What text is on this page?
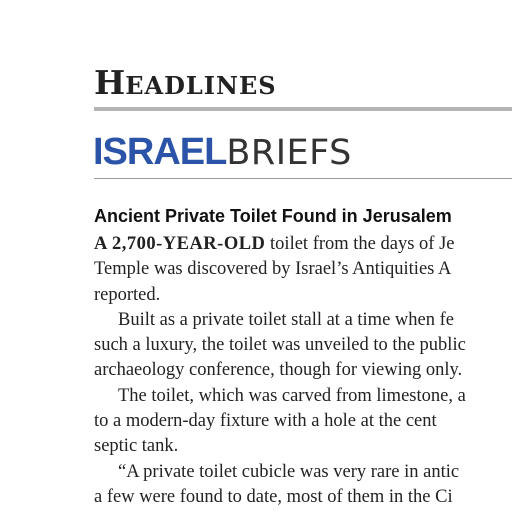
HEADLINES
ISRAELBRIEFS
Ancient Private Toilet Found in Jerusalem
A 2,700-YEAR-OLD toilet from the days of Je
Temple was discovered by Israel’s Antiquities A
reported.
Built as a private toilet stall at a time when fe
such a luxury, the toilet was unveiled to the public
archaeology conference, though for viewing only.
The toilet, which was carved from limestone, a
to a modern-day fixture with a hole at the cent
septic tank.
“A private toilet cubicle was very rare in antic
a few were found to date, most of them in the Ci
